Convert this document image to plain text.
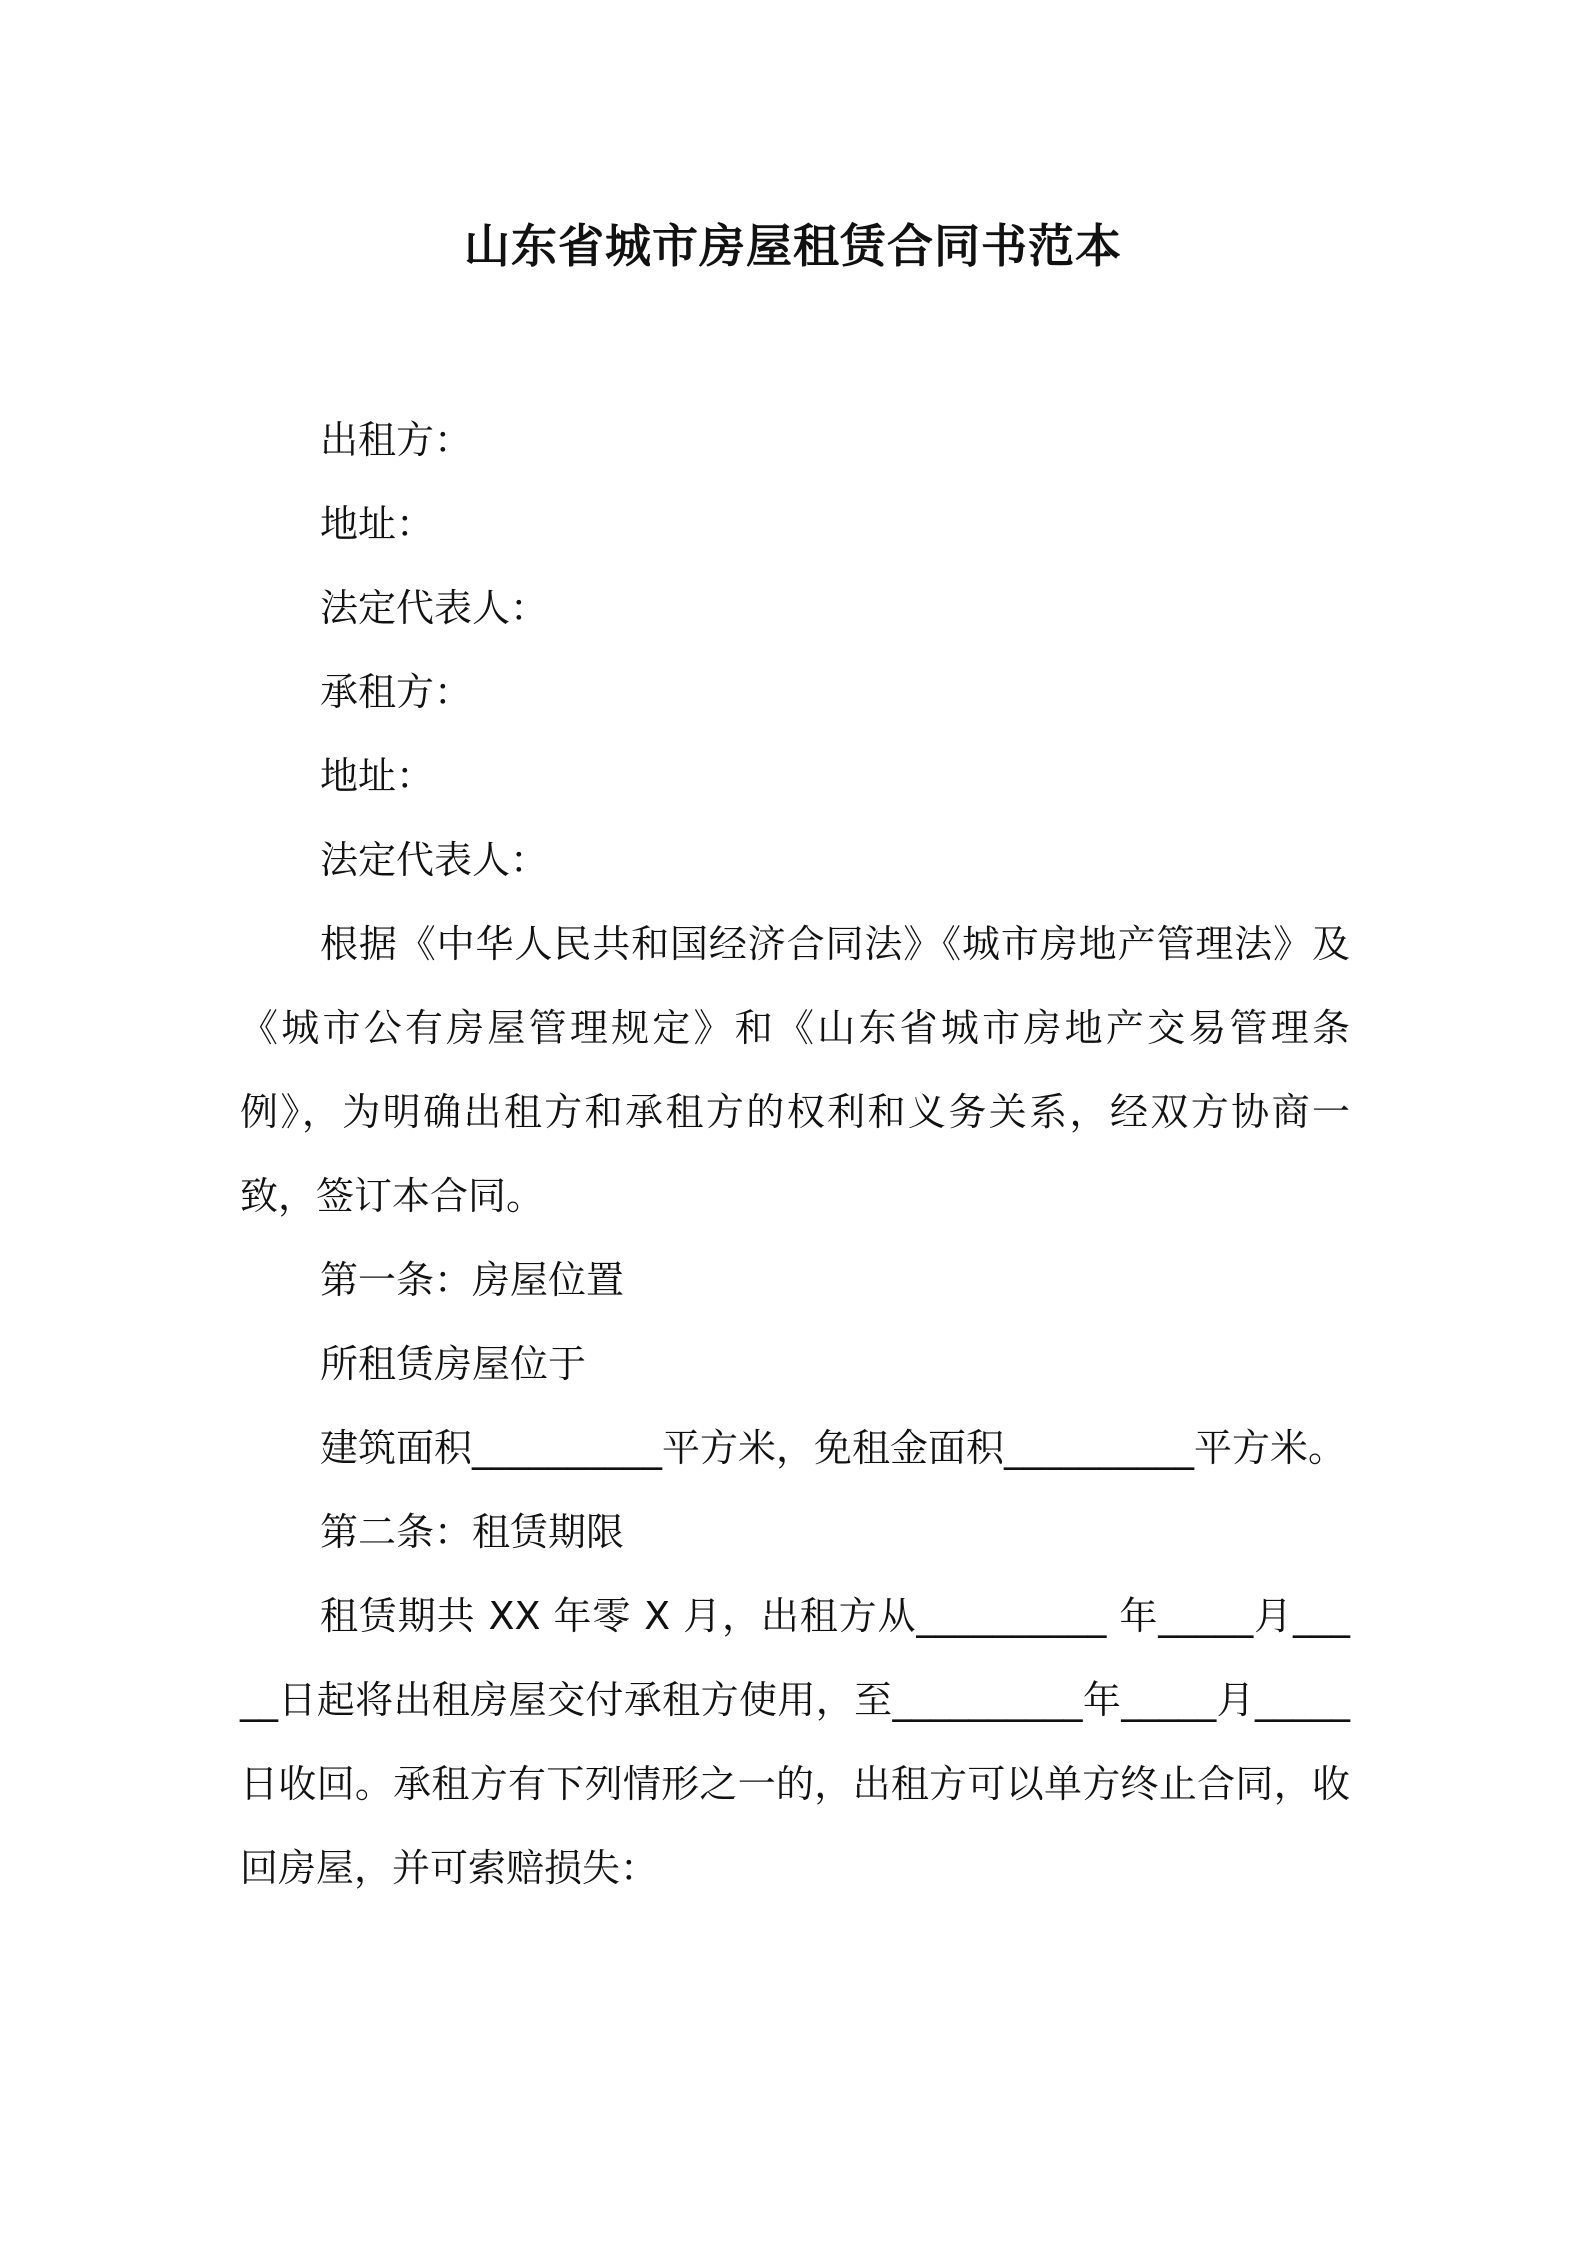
山东省城市房屋租赁合同书范本

出租方：

地址：

法定代表人：

承租方：

地址：

法定代表人：

根据《中华人民共和国经济合同法》《城市房地产管理法》及《城市公有房屋管理规定》和《山东省城市房地产交易管理条例》，为明确出租方和承租方的权利和义务关系，经双方协商一致，签订本合同。

第一条：房屋位置

所租赁房屋位于

建筑面积__________平方米，免租金面积__________平方米。

第二条：租赁期限

租赁期共 XX 年零 X 月，出租方从__________ 年_____月_____日起将出租房屋交付承租方使用，至__________年_____月_____日收回。承租方有下列情形之一的，出租方可以单方终止合同，收回房屋，并可索赔损失：
